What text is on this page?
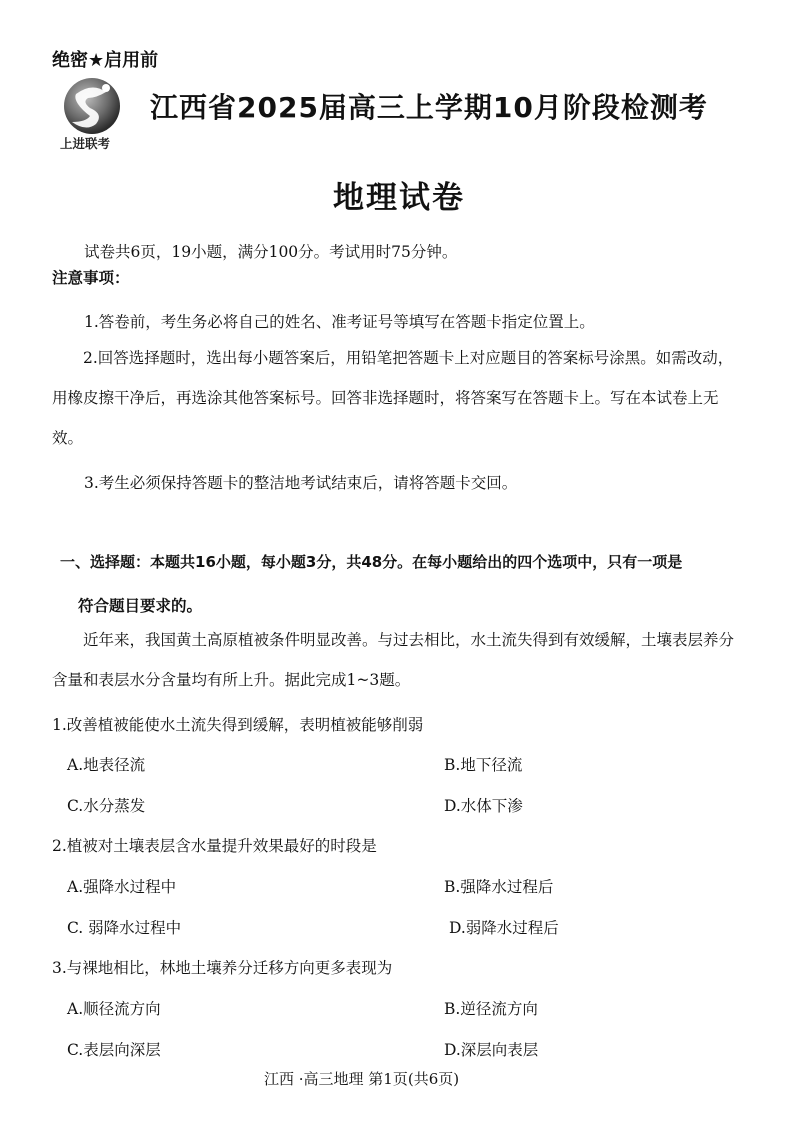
绝密★启用前
上进联考
江西省2025届高三上学期10月阶段检测考
地理试卷
试卷共6页，19小题，满分100分。考试用时75分钟。
注意事项：
1.答卷前，考生务必将自己的姓名、准考证号等填写在答题卡指定位置上。
2.回答选择题时，选出每小题答案后，用铅笔把答题卡上对应题目的答案标号涂黑。如需改动，用橡皮擦干净后，再选涂其他答案标号。回答非选择题时，将答案写在答题卡上。写在本试卷上无效。
3.考生必须保持答题卡的整洁地考试结束后，请将答题卡交回。
一、选择题：本题共16小题，每小题3分，共48分。在每小题给出的四个选项中，只有一项是
符合题目要求的。
近年来，我国黄土高原植被条件明显改善。与过去相比，水土流失得到有效缓解，土壤表层养分含量和表层水分含量均有所上升。据此完成1~3题。
1.改善植被能使水土流失得到缓解，表明植被能够削弱
A.地表径流	B.地下径流
C.水分蒸发	D.水体下渗
2.植被对土壤表层含水量提升效果最好的时段是
A.强降水过程中	B.强降水过程后
C. 弱降水过程中	D.弱降水过程后
3.与裸地相比，林地土壤养分迁移方向更多表现为
A.顺径流方向	B.逆径流方向
C.表层向深层	D.深层向表层
江西 ·高三地理 第1页(共6页)
